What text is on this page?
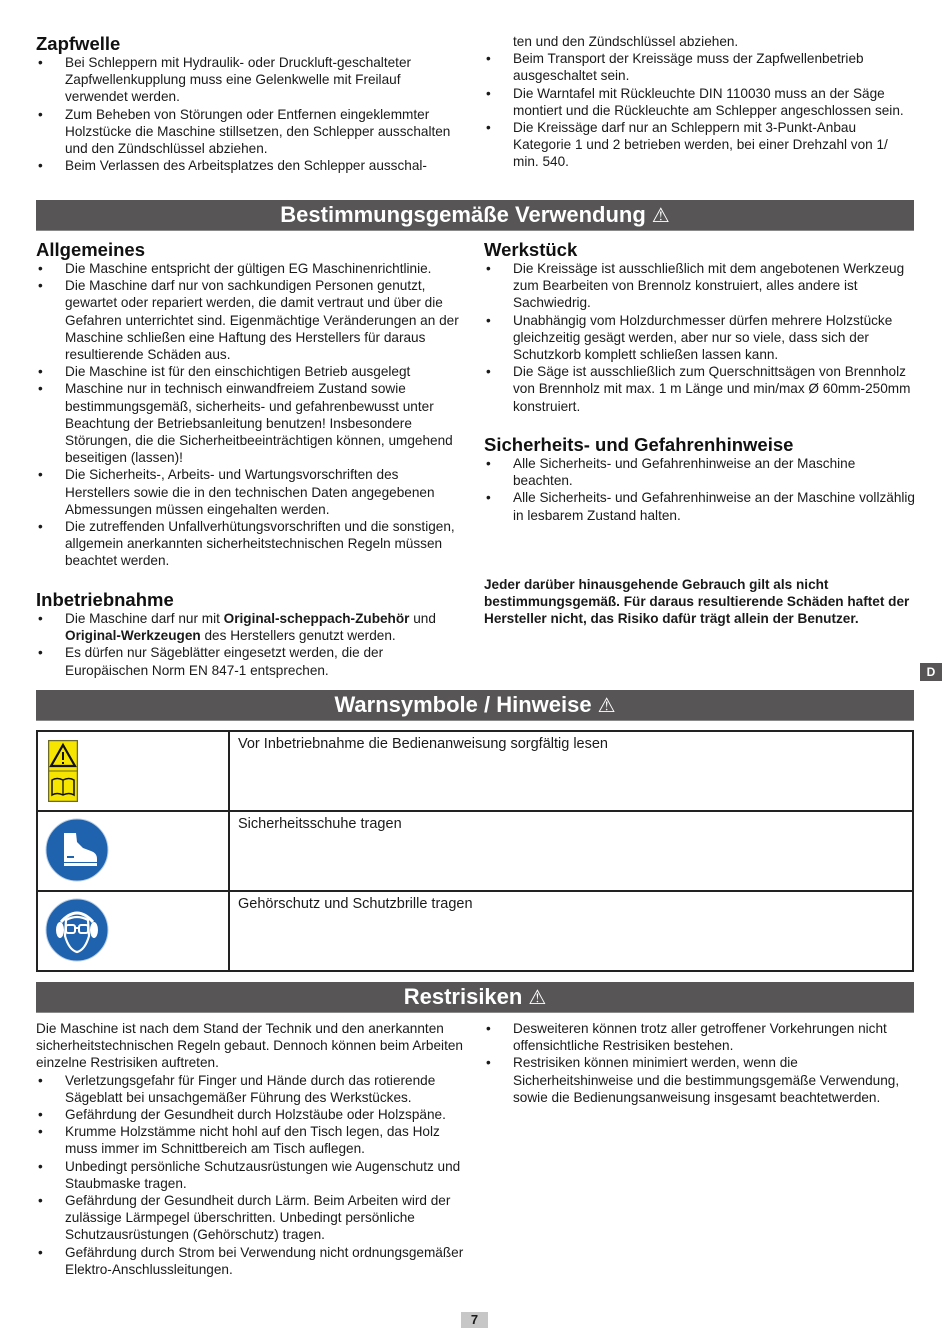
Zapfwelle
• Bei Schleppern mit Hydraulik- oder Druckluft-geschalteter Zapfwellenkupplung muss eine Gelenkwelle mit Freilauf verwendet werden.
• Zum Beheben von Störungen oder Entfernen eingeklemmter Holzstücke die Maschine stillsetzen, den Schlepper ausschalten und den Zündschlüssel abziehen.
• Beim Verlassen des Arbeitsplatzes den Schlepper ausschal-
ten und den Zündschlüssel abziehen.
• Beim Transport der Kreissäge muss der Zapfwellenbetrieb ausgeschaltet sein.
• Die Warntafel mit Rückleuchte DIN 110030 muss an der Säge montiert und die Rückleuchte am Schlepper angeschlossen sein.
• Die Kreissäge darf nur an Schleppern mit 3-Punkt-Anbau Kategorie 1 und 2 betrieben werden, bei einer Drehzahl von 1/ min. 540.
Bestimmungsgemäße Verwendung ⚠
Allgemeines
• Die Maschine entspricht der gültigen EG Maschinenrichtlinie.
• Die Maschine darf nur von sachkundigen Personen genutzt, gewartet oder repariert werden, die damit vertraut und über die Gefahren unterrichtet sind. Eigenmächtige Veränderungen an der Maschine schließen eine Haftung des Herstellers für daraus resultierende Schäden aus.
• Die Maschine ist für den einschichtigen Betrieb ausgelegt
• Maschine nur in technisch einwandfreiem Zustand sowie bestimmungsgemäß, sicherheits- und gefahrenbewusst unter Beachtung der Betriebsanleitung benutzen! Insbesondere Störungen, die die Sicherheitbeeinträchtigen können, umgehend beseitigen (lassen)!
• Die Sicherheits-, Arbeits- und Wartungsvorschriften des Herstellers sowie die in den technischen Daten angegebenen Abmessungen müssen eingehalten werden.
• Die zutreffenden Unfallverhütungsvorschriften und die sonstigen, allgemein anerkannten sicherheitstechnischen Regeln müssen beachtet werden.
Inbetriebnahme
• Die Maschine darf nur mit Original-scheppach-Zubehör und Original-Werkzeugen des Herstellers genutzt werden.
• Es dürfen nur Sägeblätter eingesetzt werden, die der Europäischen Norm EN 847-1 entsprechen.
Werkstück
• Die Kreissäge ist ausschließlich mit dem angebotenen Werkzeug zum Bearbeiten von Brennolz konstruiert, alles andere ist Sachwiedrig.
• Unabhängig vom Holzdurchmesser dürfen mehrere Holzstücke gleichzeitig gesägt werden, aber nur so viele, dass sich der Schutzkorb komplett schließen lassen kann.
• Die Säge ist ausschließlich zum Querschnittsägen von Brennholz von Brennholz mit max. 1 m Länge und min/max Ø 60mm-250mm konstruiert.
Sicherheits- und Gefahrenhinweise
• Alle Sicherheits- und Gefahrenhinweise an der Maschine beachten.
• Alle Sicherheits- und Gefahrenhinweise an der Maschine vollzählig in lesbarem Zustand halten.
Jeder darüber hinausgehende Gebrauch gilt als nicht bestimmungsgemäß. Für daraus resultierende Schäden haftet der Hersteller nicht, das Risiko dafür trägt allein der Benutzer.
D
Warnsymbole / Hinweise ⚠
Vor Inbetriebnahme die Bedienanweisung sorgfältig lesen
Sicherheitsschuhe tragen
Gehörschutz und Schutzbrille tragen
Restrisiken ⚠

Die Maschine ist nach dem Stand der Technik und den anerkannten sicherheitstechnischen Regeln gebaut. Dennoch können beim Arbeiten einzelne Restrisiken auftreten.

• Verletzungsgefahr für Finger und Hände durch das rotierende Sägeblatt bei unsachgemäßer Führung des Werkstückes.
• Gefährdung der Gesundheit durch Holzstäube oder Holzspäne.
• Krumme Holzstämme nicht hohl auf den Tisch legen, das Holz muss immer im Schnittbereich am Tisch auflegen.
• Unbedingt persönliche Schutzausrüstungen wie Augenschutz und Staubmaske tragen.
• Gefährdung der Gesundheit durch Lärm. Beim Arbeiten wird der zulässige Lärmpegel überschritten. Unbedingt persönliche Schutzausrüstungen (Gehörschutz) tragen.
• Gefährdung durch Strom bei Verwendung nicht ordnungsgemäßer Elektro-Anschlussleitungen.
• Desweiteren können trotz aller getroffener Vorkehrungen nicht offensichtliche Restrisiken bestehen.
• Restrisiken können minimiert werden, wenn die Sicherheitshinweise und die bestimmungsgemäße Verwendung, sowie die Bedienungsanweisung insgesamt beachtetwerden.
7
